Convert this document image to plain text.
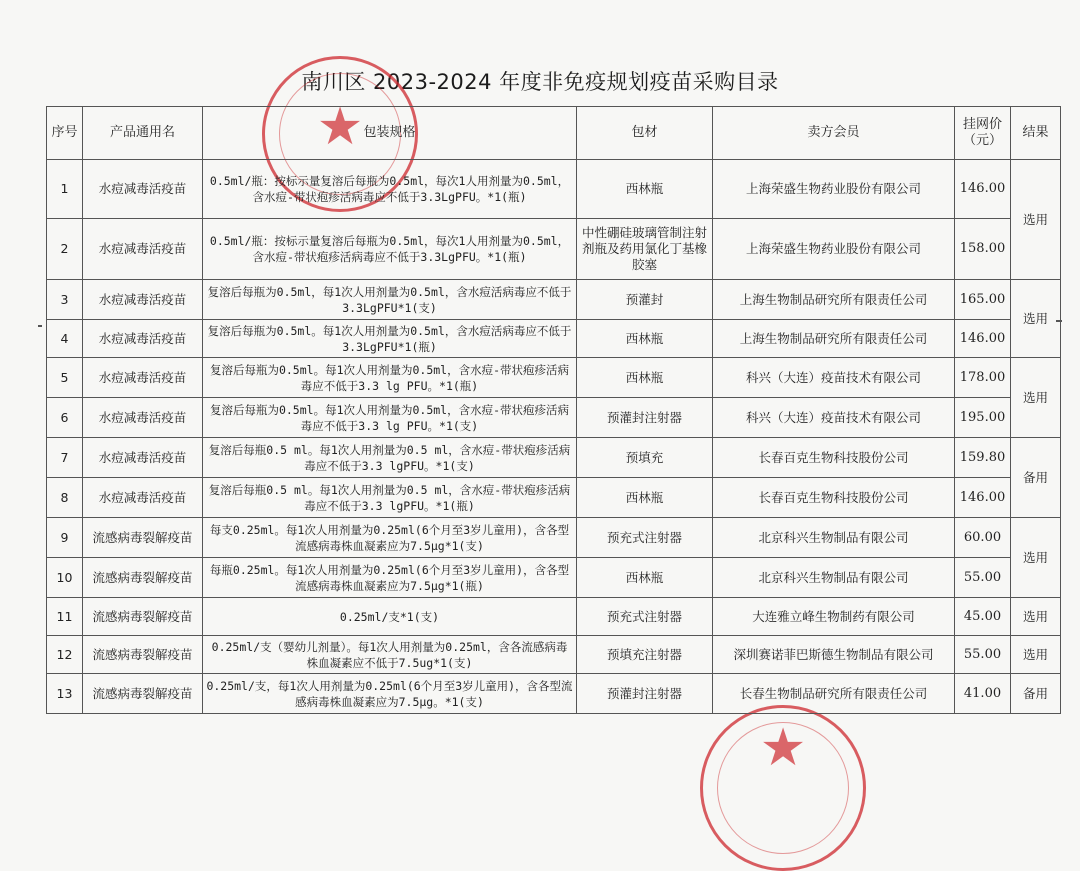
南川区 2023-2024 年度非免疫规划疫苗采购目录
★
★
序号	产品通用名	包装规格	包材	卖方会员	挂网价（元）	结果
1	水痘减毒活疫苗	0.5ml/瓶：按标示量复溶后每瓶为0.5ml，每次1人用剂量为0.5ml，含水痘-带状疱疹活病毒应不低于3.3LgPFU。*1(瓶)	西林瓶	上海荣盛生物药业股份有限公司	146.00	选用
2	水痘减毒活疫苗	0.5ml/瓶：按标示量复溶后每瓶为0.5ml，每次1人用剂量为0.5ml，含水痘-带状疱疹活病毒应不低于3.3LgPFU。*1(瓶)	中性硼硅玻璃管制注射剂瓶及药用氯化丁基橡胶塞	上海荣盛生物药业股份有限公司	158.00	
3	水痘减毒活疫苗	复溶后每瓶为0.5ml，每1次人用剂量为0.5ml，含水痘活病毒应不低于3.3LgPFU*1(支)	预灌封	上海生物制品研究所有限责任公司	165.00	选用
4	水痘减毒活疫苗	复溶后每瓶为0.5ml。每1次人用剂量为0.5ml，含水痘活病毒应不低于3.3LgPFU*1(瓶)	西林瓶	上海生物制品研究所有限责任公司	146.00	
5	水痘减毒活疫苗	复溶后每瓶为0.5ml。每1次人用剂量为0.5ml，含水痘-带状疱疹活病毒应不低于3.3 lg PFU。*1(瓶)	西林瓶	科兴（大连）疫苗技术有限公司	178.00	选用
6	水痘减毒活疫苗	复溶后每瓶为0.5ml。每1次人用剂量为0.5ml，含水痘-带状疱疹活病毒应不低于3.3 lg PFU。*1(支)	预灌封注射器	科兴（大连）疫苗技术有限公司	195.00	
7	水痘减毒活疫苗	复溶后每瓶0.5 ml。每1次人用剂量为0.5 ml，含水痘-带状疱疹活病毒应不低于3.3 lgPFU。*1(支)	预填充	长春百克生物科技股份公司	159.80	备用
8	水痘减毒活疫苗	复溶后每瓶0.5 ml。每1次人用剂量为0.5 ml，含水痘-带状疱疹活病毒应不低于3.3 lgPFU。*1(瓶)	西林瓶	长春百克生物科技股份公司	146.00	
9	流感病毒裂解疫苗	每支0.25ml。每1次人用剂量为0.25ml(6个月至3岁儿童用)，含各型流感病毒株血凝素应为7.5μg*1(支)	预充式注射器	北京科兴生物制品有限公司	60.00	选用
10	流感病毒裂解疫苗	每瓶0.25ml。每1次人用剂量为0.25ml(6个月至3岁儿童用)，含各型流感病毒株血凝素应为7.5μg*1(瓶)	西林瓶	北京科兴生物制品有限公司	55.00	
11	流感病毒裂解疫苗	0.25ml/支*1(支)	预充式注射器	大连雅立峰生物制药有限公司	45.00	选用
12	流感病毒裂解疫苗	0.25ml/支（婴幼儿剂量）。每1次人用剂量为0.25ml，含各流感病毒株血凝素应不低于7.5ug*1(支)	预填充注射器	深圳赛诺菲巴斯德生物制品有限公司	55.00	选用
13	流感病毒裂解疫苗	0.25ml/支，每1次人用剂量为0.25ml(6个月至3岁儿童用)，含各型流感病毒株血凝素应为7.5μg。*1(支)	预灌封注射器	长春生物制品研究所有限责任公司	41.00	备用
